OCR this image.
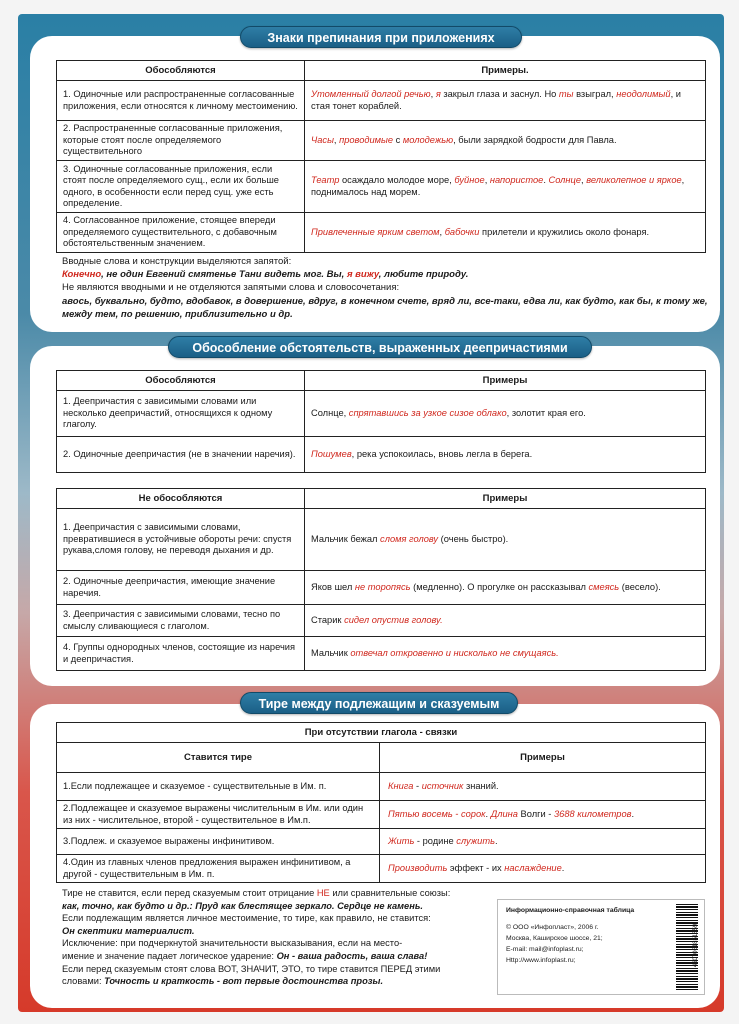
Знаки препинания при приложениях
Обособляются	Примеры.
1. Одиночные или распространенные согласованные приложения, если относятся к личному местоимению.	Утомленный долгой речью, я закрыл глаза и заснул. Но ты взыграл, неодолимый, и стая тонет кораблей.
2. Распространенные согласованные приложения, которые стоят после определяемого существительного	Часы, проводимые с молодежью, были зарядкой бодрости для Павла.
3. Одиночные согласованные приложения, если стоят после определяемого сущ., если их больше одного, в особенности если перед сущ. уже есть определение.	Театр осаждало молодое море, буйное, напористое. Солнце, великолепное и яркое, поднималось над морем.
4. Согласованное приложение, стоящее впереди определяемого существительного, с добавочным обстоятельственным значением.	Привлеченные ярким светом, бабочки прилетели и кружились около фонаря.
Вводные слова и конструкции выделяются запятой:
Конечно, не один Евгений смятенье Тани видеть мог. Вы, я вижу, любите природу.
Не являются вводными и не отделяются запятыми слова и словосочетания:
авось, буквально, будто, вдобавок, в довершение, вдруг, в конечном счете, вряд ли, все-таки, едва ли, как будто, как бы, к тому же, между тем, по решению, приблизительно и др.
Обособление обстоятельств, выраженных деепричастиями
Обособляются	Примеры
1. Деепричастия с зависимыми словами или несколько деепричастий, относящихся к одному глаголу.	Солнце, спрятавшись за узкое сизое облако, золотит края его.
2. Одиночные деепричастия (не в значении наречия).	Пошумев, река успокоилась, вновь легла в берега.
Не обособляются	Примеры
1. Деепричастия с зависимыми словами, превратившиеся в устойчивые обороты речи: спустя рукава,сломя голову, не переводя дыхания и др.	Мальчик бежал сломя голову (очень быстро).
2. Одиночные деепричастия, имеющие значение наречия.	Яков шел не торопясь (медленно). О прогулке он рассказывал смеясь (весело).
3. Деепричастия с зависимыми словами, тесно по смыслу сливающиеся с глаголом.	Старик сидел опустив голову.
4. Группы однородных членов, состоящие из наречия и деепричастия.	Мальчик отвечал откровенно и нисколько не смущаясь.
Тире между подлежащим и сказуемым
При отсутствии глагола - связки	
Ставится тире	Примеры
1.Если подлежащее и сказуемое - существительные в Им. п.	Книга - источник знаний.
2.Подлежащее и сказуемое выражены числительным в Им. или один из них - числительное, второй - существительное в Им.п.	Пятью восемь - сорок. Длина Волги - 3688 километров.
3.Подлеж. и сказуемое выражены инфинитивом.	Жить - родине служить.
4.Один из главных членов предложения выражен инфинитивом, а другой - существительным в Им. п.	Производить эффект - их наслаждение.
Тире не ставится, если перед сказуемым стоит отрицание НЕ или сравнительные союзы:
как, точно, как будто и др.: Пруд как блестящее зеркало. Сердце не камень.
Если подлежащим является личное местоимение, то тире, как правило, не ставится:
Он скептики материалист.
Исключение: при подчеркнутой значительности высказывания, если на место-
имение и значение падает логическое ударение: Он - ваша радость, ваша слава!
Если перед сказуемым стоят слова ВОТ, ЗНАЧИТ, ЭТО, то тире ставится ПЕРЕД этими
словами: Точность и краткость - вот первые достоинства прозы.
Информационно-справочная таблица
© ООО «Инфопласт», 2006 г.
Москва, Каширское шоссе, 21;
E-mail: mail@infoplast.ru;
Http://www.infoplast.ru;	4607061851859
